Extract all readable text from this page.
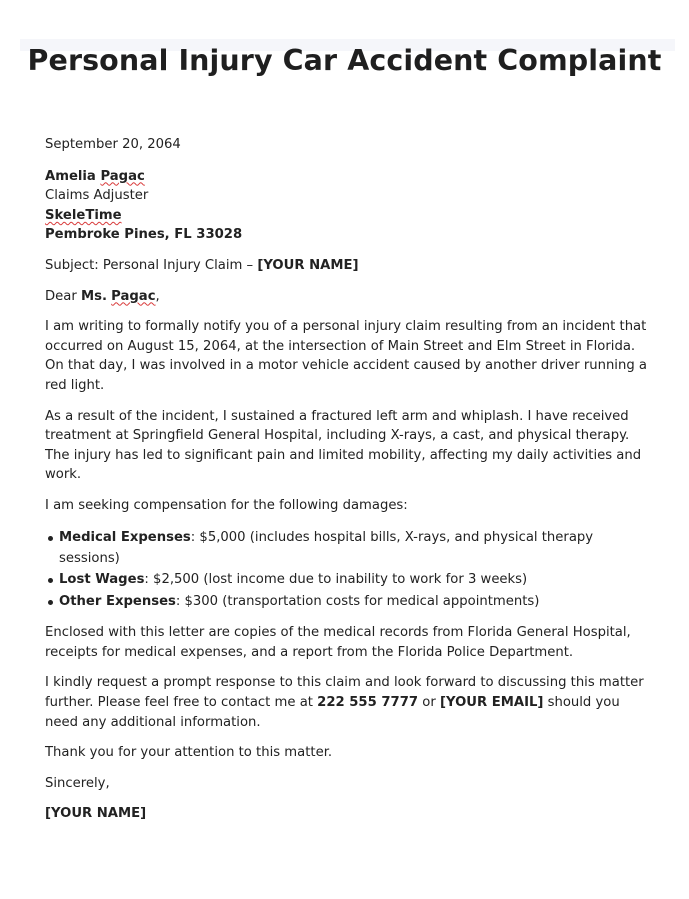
Personal Injury Car Accident Complaint

September 20, 2064

Amelia Pagac
Claims Adjuster
SkeleTime
Pembroke Pines, FL 33028

Subject: Personal Injury Claim – [YOUR NAME]

Dear Ms. Pagac,

I am writing to formally notify you of a personal injury claim resulting from an incident that occurred on August 15, 2064, at the intersection of Main Street and Elm Street in Florida. On that day, I was involved in a motor vehicle accident caused by another driver running a red light.

As a result of the incident, I sustained a fractured left arm and whiplash. I have received treatment at Springfield General Hospital, including X-rays, a cast, and physical therapy. The injury has led to significant pain and limited mobility, affecting my daily activities and work.

I am seeking compensation for the following damages:

Medical Expenses: $5,000 (includes hospital bills, X-rays, and physical therapy sessions)
Lost Wages: $2,500 (lost income due to inability to work for 3 weeks)
Other Expenses: $300 (transportation costs for medical appointments)

Enclosed with this letter are copies of the medical records from Florida General Hospital, receipts for medical expenses, and a report from the Florida Police Department.

I kindly request a prompt response to this claim and look forward to discussing this matter further. Please feel free to contact me at 222 555 7777 or [YOUR EMAIL] should you need any additional information.

Thank you for your attention to this matter.

Sincerely,

[YOUR NAME]
